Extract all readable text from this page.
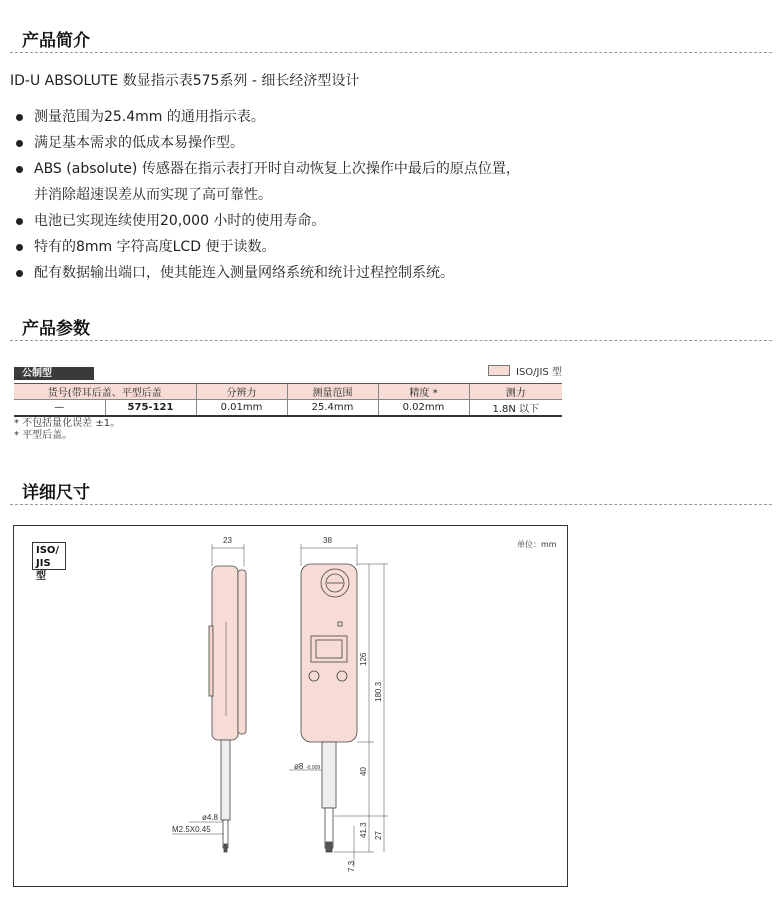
产品简介
ID-U ABSOLUTE 数显指示表575系列 - 细长经济型设计
测量范围为25.4mm 的通用指示表。
满足基本需求的低成本易操作型。
ABS (absolute) 传感器在指示表打开时自动恢复上次操作中最后的原点位置，
并消除超速误差从而实现了高可靠性。
电池已实现连续使用20,000 小时的使用寿命。
特有的8mm 字符高度LCD 便于读数。
配有数据输出端口，使其能连入测量网络系统和统计过程控制系统。
产品参数
公制型	ISO/JIS 型
货号(带耳后盖、平型后盖		分辨力	测量范围	精度 *	测力
—	575-121	0.01mm	25.4mm	0.02mm	1.8N 以下
* 不包括量化误差 ±1。
* 平型后盖。
详细尺寸
ISO/
JIS 型
单位：mm
23	38
126
180.3
40
41.3 27
7.3
ø8 -0.009
ø4.8
M2.5X0.45
